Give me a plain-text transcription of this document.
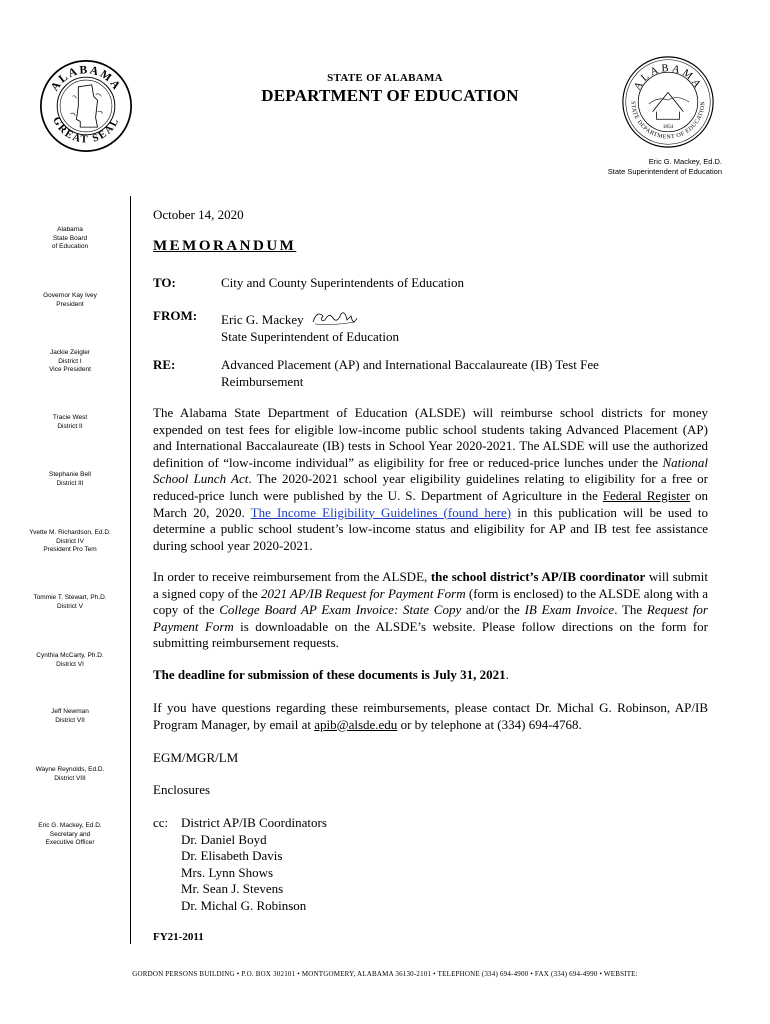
ALABAMA
GREAT SEAL
ALABAMA
STATE DEPARTMENT OF EDUCATION
1854
STATE OF ALABAMA
DEPARTMENT OF EDUCATION
Eric G. Mackey, Ed.D.
State Superintendent of Education
Alabama
State Board
of Education
Governor Kay Ivey
President
Jackie Zeigler
District I
Vice President
Tracie West
District II
Stephanie Bell
District III
Yvette M. Richardson, Ed.D.
District IV
President Pro Tem
Tommie T. Stewart, Ph.D.
District V
Cynthia McCarty, Ph.D.
District VI
Jeff Newman
District VII
Wayne Reynolds, Ed.D.
District VIII
Eric G. Mackey, Ed.D.
Secretary and
Executive Officer
October 14, 2020
MEMORANDUM
TO:	City and County Superintendents of Education
FROM: Eric G. Mackey
State Superintendent of Education
RE:	Advanced Placement (AP) and International Baccalaureate (IB) Test Fee Reimbursement
The Alabama State Department of Education (ALSDE) will reimburse school districts for money expended on test fees for eligible low-income public school students taking Advanced Placement (AP) and International Baccalaureate (IB) tests in School Year 2020-2021. The ALSDE will use the authorized definition of “low-income individual” as eligibility for free or reduced-price lunches under the National School Lunch Act. The 2020-2021 school year eligibility guidelines relating to eligibility for a free or reduced-price lunch were published by the U. S. Department of Agriculture in the Federal Register on March 20, 2020. The Income Eligibility Guidelines (found here) in this publication will be used to determine a public school student’s low-income status and eligibility for AP and IB test fee assistance during school year 2020-2021.
In order to receive reimbursement from the ALSDE, the school district’s AP/IB coordinator will submit a signed copy of the 2021 AP/IB Request for Payment Form (form is enclosed) to the ALSDE along with a copy of the College Board AP Exam Invoice: State Copy and/or the IB Exam Invoice. The Request for Payment Form is downloadable on the ALSDE’s website. Please follow directions on the form for submitting reimbursement requests.
The deadline for submission of these documents is July 31, 2021.
If you have questions regarding these reimbursements, please contact Dr. Michal G. Robinson, AP/IB Program Manager, by email at apib@alsde.edu or by telephone at (334) 694-4768.
EGM/MGR/LM
Enclosures
cc: District AP/IB Coordinators
Dr. Daniel Boyd
Dr. Elisabeth Davis
Mrs. Lynn Shows
Mr. Sean J. Stevens
Dr. Michal G. Robinson
FY21-2011
GORDON PERSONS BUILDING • P.O. BOX 302101 • MONTGOMERY, ALABAMA 36130-2101 • TELEPHONE (334) 694-4900 • FAX (334) 694-4990 • WEBSITE:
